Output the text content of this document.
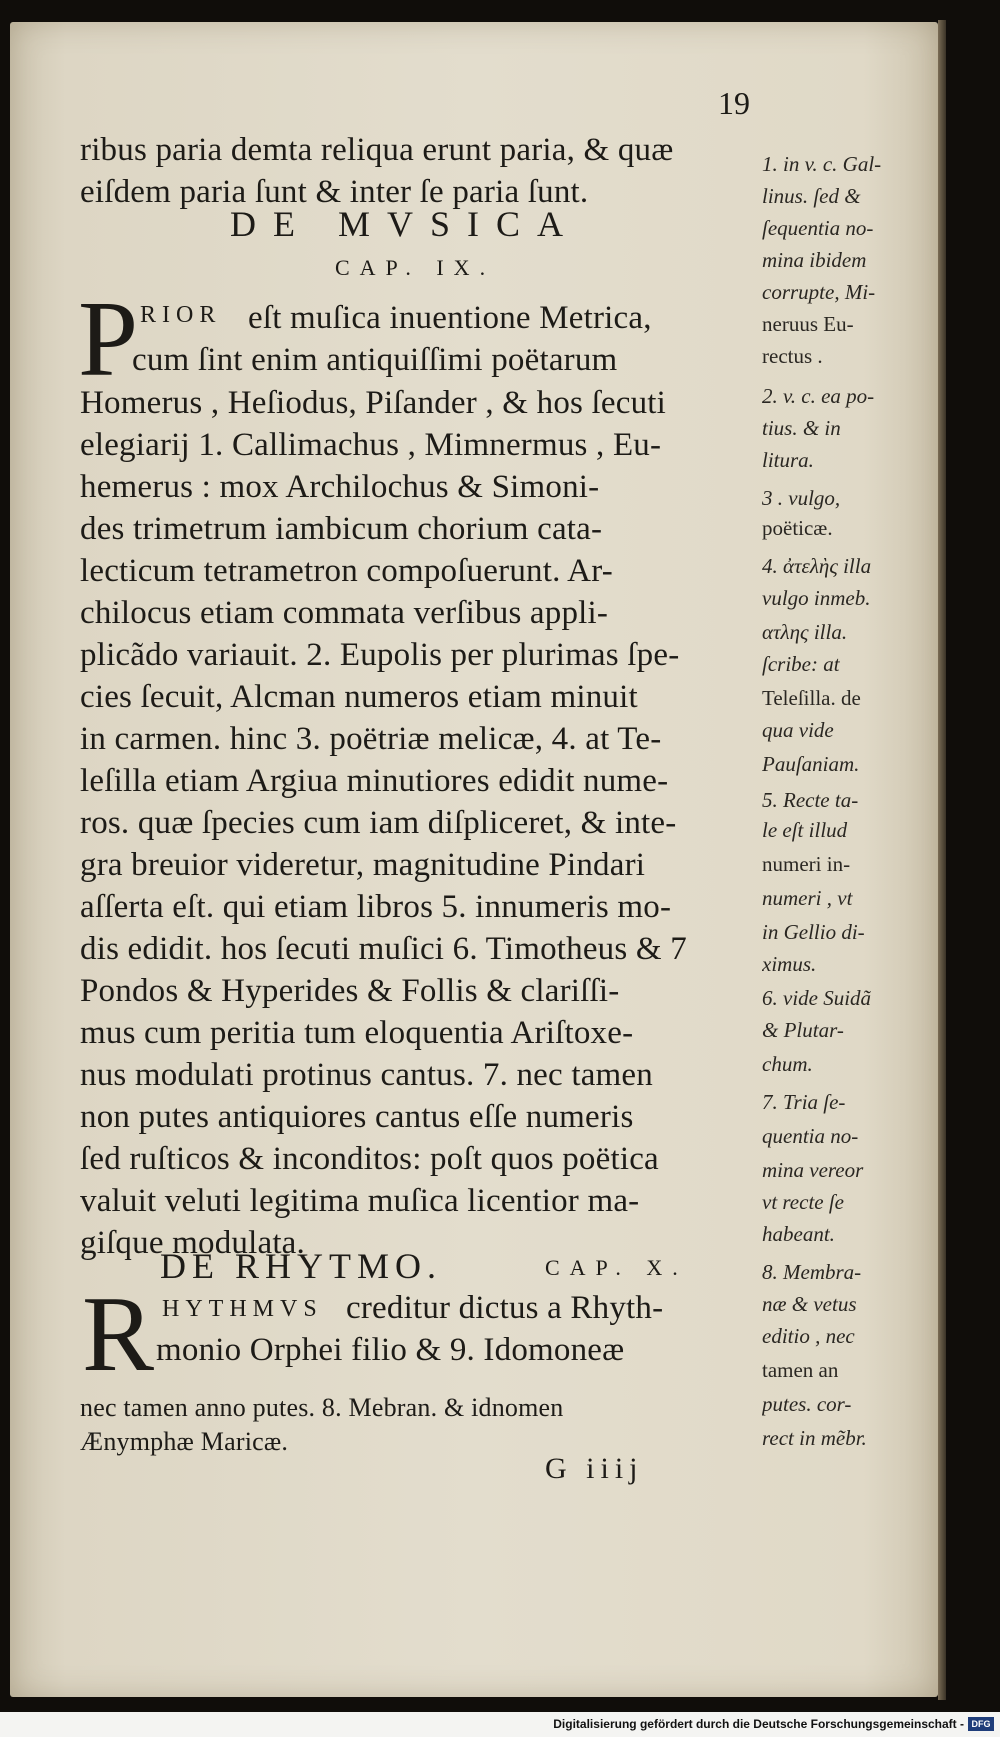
19
DE MVSICA
CAP. IX.
P RIOR
DE RHYTMO.	CAP. X.
R HYTHMVS
ribus paria demta reliqua erunt paria, & quæ
eiſdem paria ſunt & inter ſe paria ſunt.
eſt muſica inuentione Metrica,
cum ſint enim antiquiſſimi poëtarum
Homerus , Heſiodus, Piſander , & hos ſecuti
elegiarij 1. Callimachus , Mimnermus , Eu-
hemerus : mox Archilochus & Simoni-
des trimetrum iambicum chorium cata-
lecticum tetrametron compoſuerunt. Ar-
chilocus etiam commata verſibus appli-
plicãdo variauit. 2. Eupolis per plurimas ſpe-
cies ſecuit, Alcman numeros etiam minuit
in carmen. hinc 3. poëtriæ melicæ, 4. at Te-
leſilla etiam Argiua minutiores edidit nume-
ros. quæ ſpecies cum iam diſpliceret, & inte-
gra breuior videretur, magnitudine Pindari
aſſerta eſt. qui etiam libros 5. innumeris mo-
dis edidit. hos ſecuti muſici 6. Timotheus & 7
Pondos & Hyperides & Follis & clariſſi-
mus cum peritia tum eloquentia Ariſtoxe-
nus modulati protinus cantus. 7. nec tamen
non putes antiquiores cantus eſſe numeris
ſed ruſticos & inconditos: poſt quos poëtica
valuit veluti legitima muſica licentior ma-
giſque modulata.
creditur dictus a Rhyth-
monio Orphei filio & 9. Idomoneæ
nec tamen anno putes. 8. Mebran. & idnomen
Ænymphæ Maricæ.
1. in v. c. Gal-
linus. ſed &
ſequentia no-
mina ibidem
corrupte, Mi-
neruus Eu-
rectus .
2. v. c. ea po-
tius. & in
litura.
3 . vulgo,
poëticæ.
4. ἀτελὴς illa
vulgo inmeb.
ατλης illa.
ſcribe: at
Teleſilla. de
qua vide
Pauſaniam.
5. Recte ta-
le eſt illud
numeri in-
numeri , vt
in Gellio di-
ximus.
6. vide Suidã
& Plutar-
chum.
7. Tria ſe-
quentia no-
mina vereor
vt recte ſe
habeant.
8. Membra-
næ & vetus
editio , nec
tamen an
putes. cor-
rect in mẽbr.
G iiij
Digitalisierung gefördert durch die Deutsche Forschungsgemeinschaft - DFG
